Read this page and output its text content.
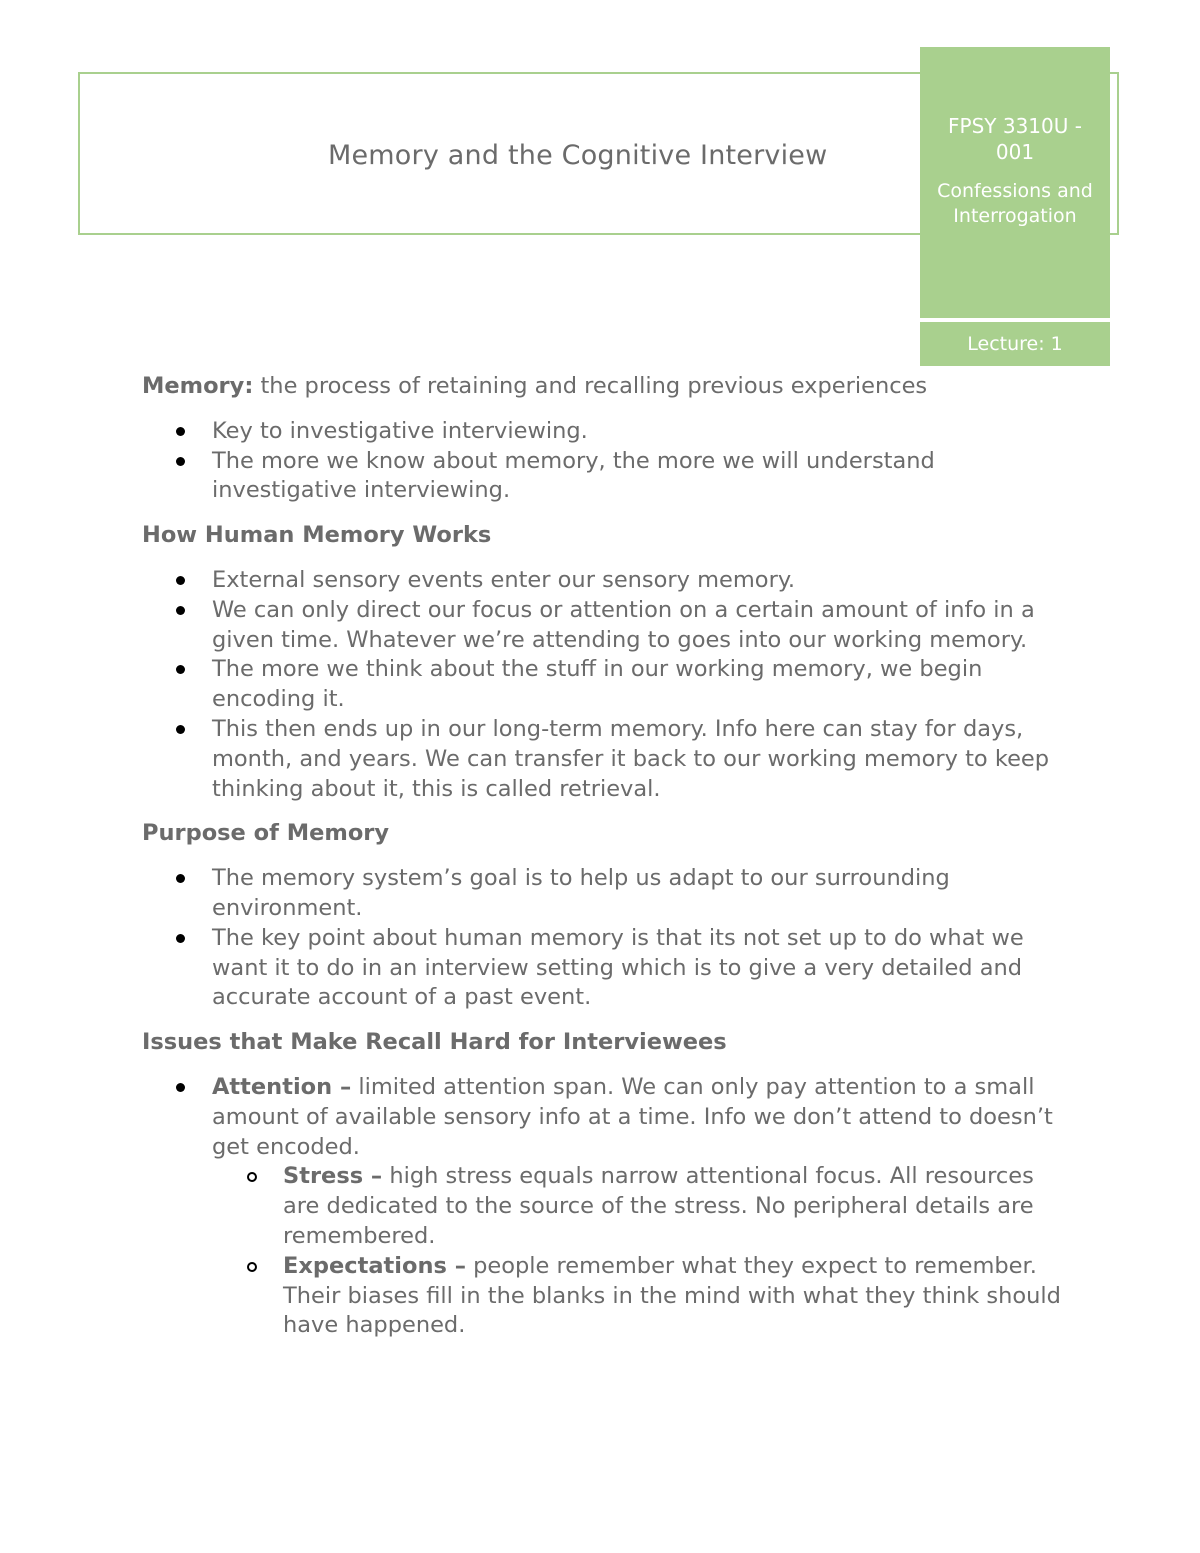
Memory and the Cognitive Interview
FPSY 3310U - 001
Confessions and Interrogation
Lecture: 1

Memory: the process of retaining and recalling previous experiences

Key to investigative interviewing.
The more we know about memory, the more we will understand investigative interviewing.
How Human Memory Works
External sensory events enter our sensory memory.
We can only direct our focus or attention on a certain amount of info in a given time. Whatever we’re attending to goes into our working memory.
The more we think about the stuff in our working memory, we begin encoding it.
This then ends up in our long-term memory. Info here can stay for days, month, and years. We can transfer it back to our working memory to keep thinking about it, this is called retrieval.
Purpose of Memory
The memory system’s goal is to help us adapt to our surrounding environment.
The key point about human memory is that its not set up to do what we want it to do in an interview setting which is to give a very detailed and accurate account of a past event.
Issues that Make Recall Hard for Interviewees
Attention – limited attention span. We can only pay attention to a small amount of available sensory info at a time. Info we don’t attend to doesn’t get encoded.
Stress – high stress equals narrow attentional focus. All resources are dedicated to the source of the stress. No peripheral details are remembered.
Expectations – people remember what they expect to remember. Their biases fill in the blanks in the mind with what they think should have happened.
